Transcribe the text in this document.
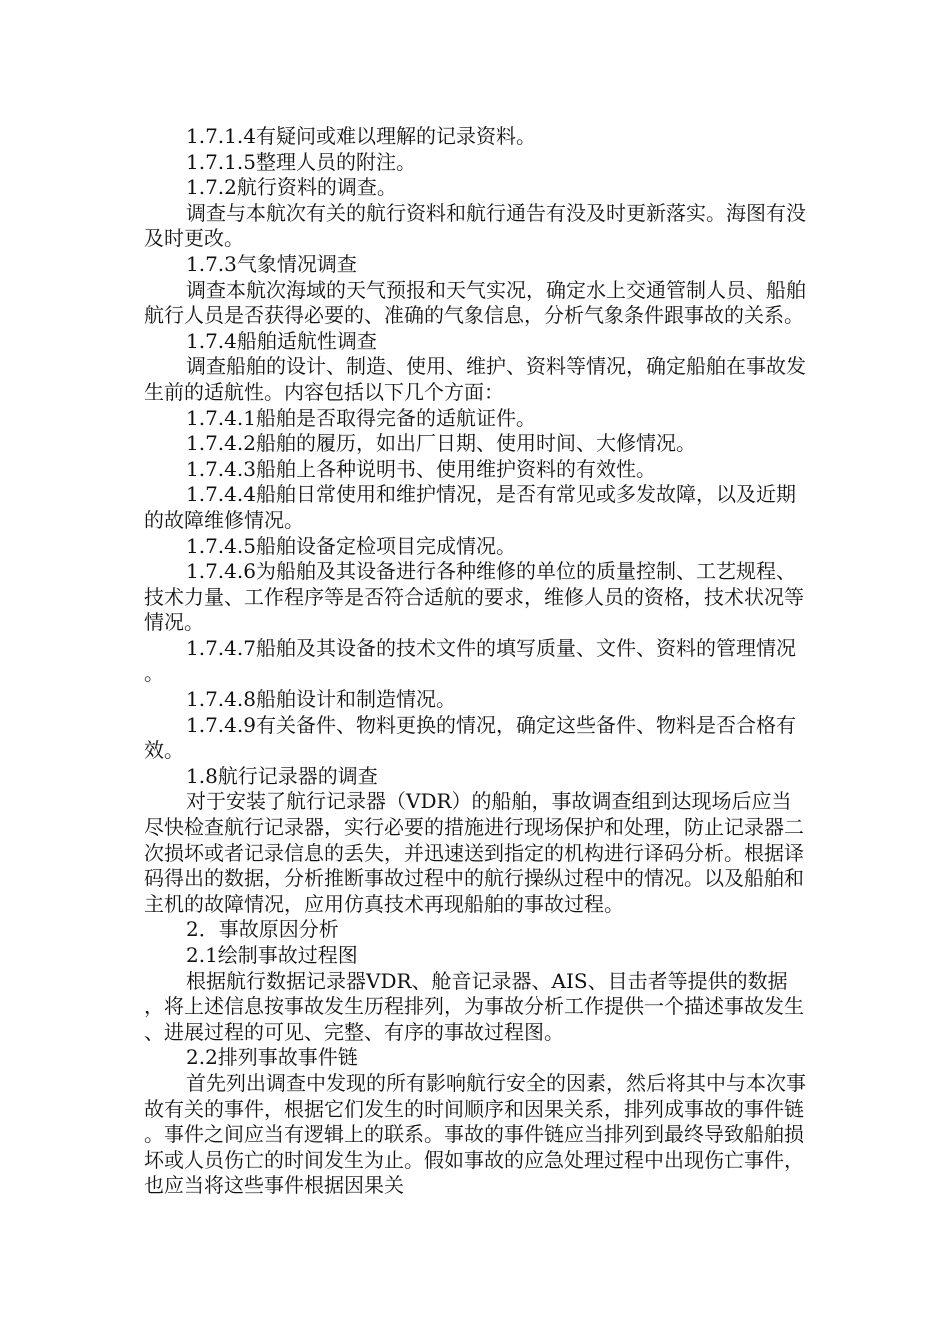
1.7.1.4有疑问或难以理解的记录资料。

1.7.1.5整理人员的附注。

1.7.2航行资料的调查。

调查与本航次有关的航行资料和航行通告有没及时更新落实。海图有没及时更改。

1.7.3气象情况调查

调查本航次海域的天气预报和天气实况，确定水上交通管制人员、船舶航行人员是否获得必要的、准确的气象信息，分析气象条件跟事故的关系。

1.7.4船舶适航性调查

调查船舶的设计、制造、使用、维护、资料等情况，确定船舶在事故发生前的适航性。内容包括以下几个方面：

1.7.4.1船舶是否取得完备的适航证件。

1.7.4.2船舶的履历，如出厂日期、使用时间、大修情况。

1.7.4.3船舶上各种说明书、使用维护资料的有效性。

1.7.4.4船舶日常使用和维护情况，是否有常见或多发故障，以及近期的故障维修情况。

1.7.4.5船舶设备定检项目完成情况。

1.7.4.6为船舶及其设备进行各种维修的单位的质量控制、工艺规程、技术力量、工作程序等是否符合适航的要求，维修人员的资格，技术状况等情况。

1.7.4.7船舶及其设备的技术文件的填写质量、文件、资料的管理情况。

1.7.4.8船舶设计和制造情况。

1.7.4.9有关备件、物料更换的情况，确定这些备件、物料是否合格有效。

1.8航行记录器的调查

对于安装了航行记录器（VDR）的船舶，事故调查组到达现场后应当尽快检查航行记录器，实行必要的措施进行现场保护和处理，防止记录器二次损坏或者记录信息的丢失，并迅速送到指定的机构进行译码分析。根据译码得出的数据，分析推断事故过程中的航行操纵过程中的情况。以及船舶和主机的故障情况，应用仿真技术再现船舶的事故过程。

2．事故原因分析

2.1绘制事故过程图

根据航行数据记录器VDR、舱音记录器、AIS、目击者等提供的数据，将上述信息按事故发生历程排列，为事故分析工作提供一个描述事故发生、进展过程的可见、完整、有序的事故过程图。

2.2排列事故事件链

首先列出调查中发现的所有影响航行安全的因素，然后将其中与本次事故有关的事件，根据它们发生的时间顺序和因果关系，排列成事故的事件链。事件之间应当有逻辑上的联系。事故的事件链应当排列到最终导致船舶损坏或人员伤亡的时间发生为止。假如事故的应急处理过程中出现伤亡事件，也应当将这些事件根据因果关
